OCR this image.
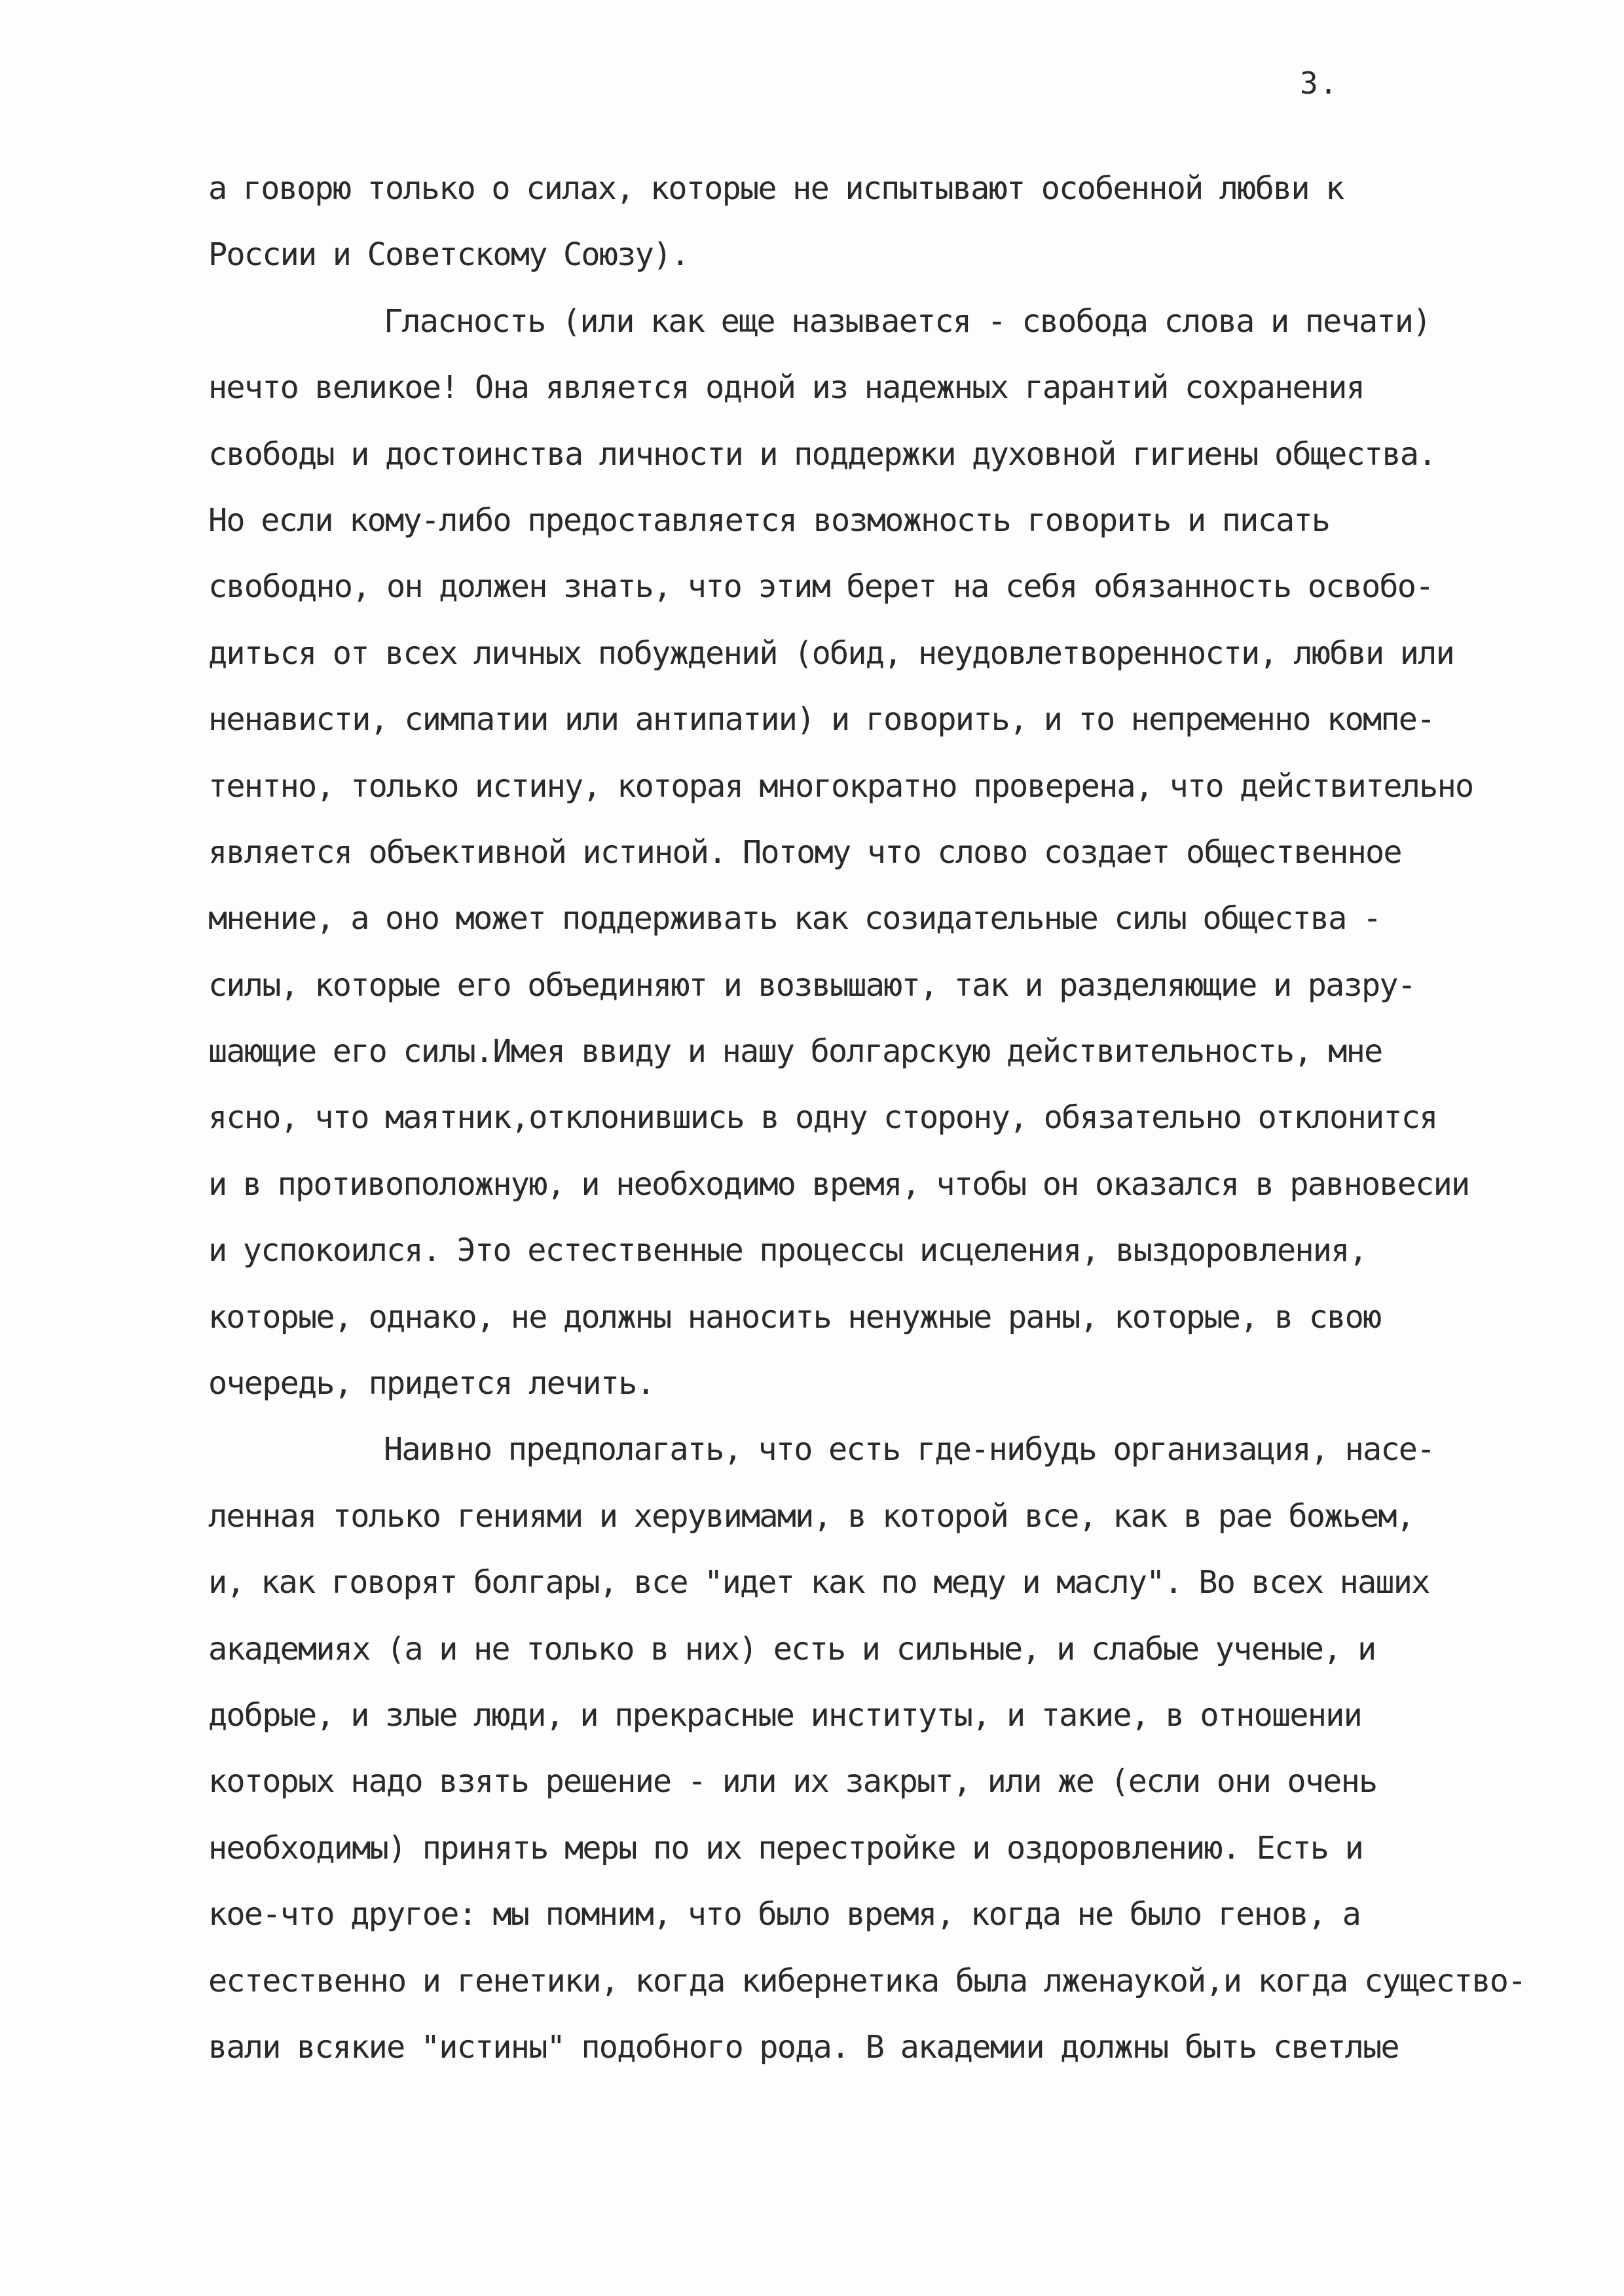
3.
а говорю только о силах, которые не испытывают особенной любви к
России и Советскому Союзу).
Гласность (или как еще называется - свобода слова и печати)
нечто великое! Она является одной из надежных гарантий сохранения
свободы и достоинства личности и поддержки духовной гигиены общества.
Но если кому-либо предоставляется возможность говорить и писать
свободно, он должен знать, что этим берет на себя обязанность освобо-
диться от всех личных побуждений (обид, неудовлетворенности, любви или
ненависти, симпатии или антипатии) и говорить, и то непременно компе-
тентно, только истину, которая многократно проверена, что действительно
является объективной истиной. Потому что слово создает общественное
мнение, а оно может поддерживать как созидательные силы общества -
силы, которые его объединяют и возвышают, так и разделяющие и разру-
шающие его силы.Имея ввиду и нашу болгарскую действительность, мне
ясно, что маятник,отклонившись в одну сторону, обязательно отклонится
и в противоположную, и необходимо время, чтобы он оказался в равновесии
и успокоился. Это естественные процессы исцеления, выздоровления,
которые, однако, не должны наносить ненужные раны, которые, в свою
очередь, придется лечить.
Наивно предполагать, что есть где-нибудь организация, насе-
ленная только гениями и херувимами, в которой все, как в рае божьем,
и, как говорят болгары, все "идет как по меду и маслу". Во всех наших
академиях (а и не только в них) есть и сильные, и слабые ученые, и
добрые, и злые люди, и прекрасные институты, и такие, в отношении
которых надо взять решение - или их закрыт, или же (если они очень
необходимы) принять меры по их перестройке и оздоровлению. Есть и
кое-что другое: мы помним, что было время, когда не было генов, а
естественно и генетики, когда кибернетика была лженаукой,и когда существо-
вали всякие "истины" подобного рода. В академии должны быть светлые
